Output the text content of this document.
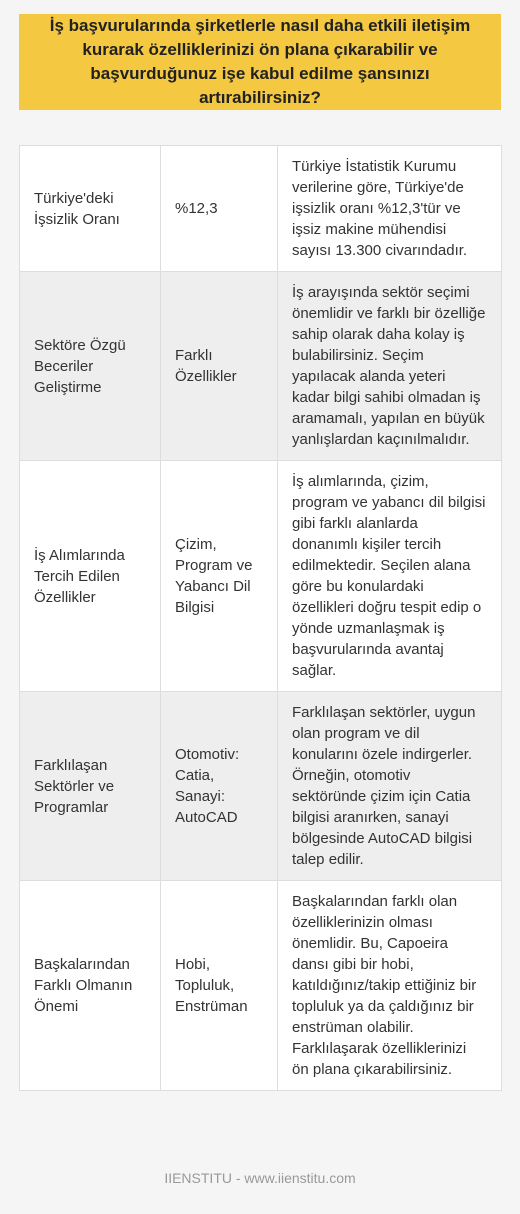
İş başvurularında şirketlerle nasıl daha etkili iletişim kurarak özelliklerinizi ön plana çıkarabilir ve başvurduğunuz işe kabul edilme şansınızı artırabilirsiniz?
Türkiye'deki İşsizlik Oranı	%12,3	Türkiye İstatistik Kurumu verilerine göre, Türkiye'de işsizlik oranı %12,3'tür ve işsiz makine mühendisi sayısı 13.300 civarındadır.
Sektöre Özgü Beceriler Geliştirme	Farklı Özellikler	İş arayışında sektör seçimi önemlidir ve farklı bir özelliğe sahip olarak daha kolay iş bulabilirsiniz. Seçim yapılacak alanda yeteri kadar bilgi sahibi olmadan iş aramamalı, yapılan en büyük yanlışlardan kaçınılmalıdır.
İş Alımlarında Tercih Edilen Özellikler	Çizim, Program ve Yabancı Dil Bilgisi	İş alımlarında, çizim, program ve yabancı dil bilgisi gibi farklı alanlarda donanımlı kişiler tercih edilmektedir. Seçilen alana göre bu konulardaki özellikleri doğru tespit edip o yönde uzmanlaşmak iş başvurularında avantaj sağlar.
Farklılaşan Sektörler ve Programlar	Otomotiv: Catia, Sanayi: AutoCAD	Farklılaşan sektörler, uygun olan program ve dil konularını özele indirgerler. Örneğin, otomotiv sektöründe çizim için Catia bilgisi aranırken, sanayi bölgesinde AutoCAD bilgisi talep edilir.
Başkalarından Farklı Olmanın Önemi	Hobi, Topluluk, Enstrüman	Başkalarından farklı olan özelliklerinizin olması önemlidir. Bu, Capoeira dansı gibi bir hobi, katıldığınız/takip ettiğiniz bir topluluk ya da çaldığınız bir enstrüman olabilir. Farklılaşarak özelliklerinizi ön plana çıkarabilirsiniz.
IIENSTITU - www.iienstitu.com
